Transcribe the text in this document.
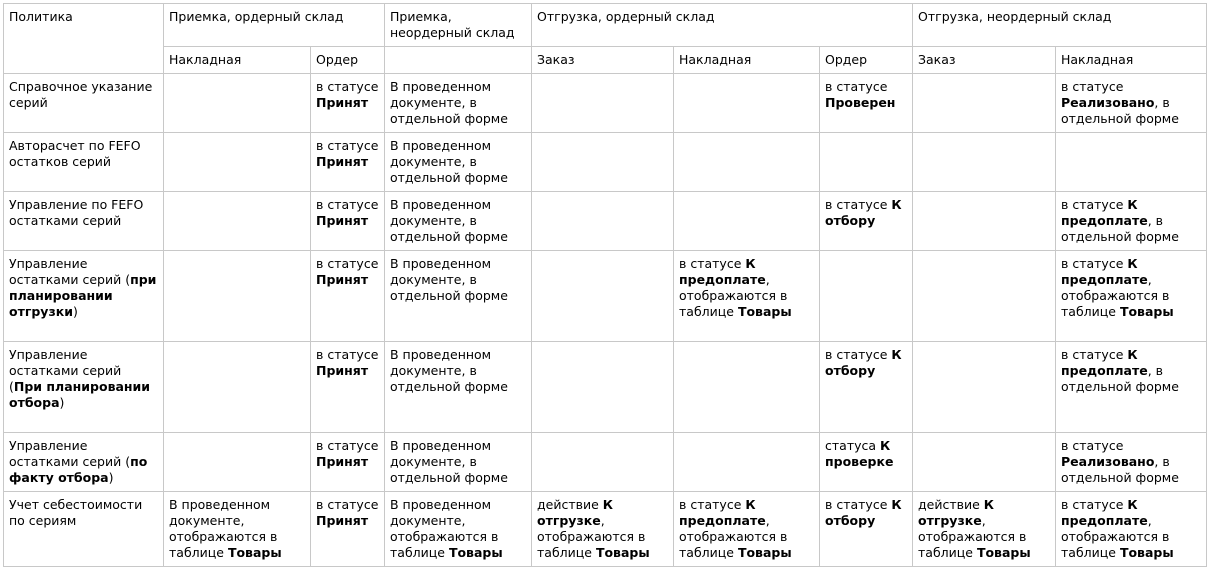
Политика	Приемка, ордерный склад		Приемка, неордерный склад	Отгрузка, ордерный склад			Отгрузка, неордерный склад	
	Накладная	Ордер		Заказ	Накладная	Ордер	Заказ	Накладная
Справочное указание серий		в статусе Принят	В проведенном документе, в отдельной форме			в статусе Проверен		в статусе Реализовано, в отдельной форме
Авторасчет по FEFO остатков серий		в статусе Принят	В проведенном документе, в отдельной форме					
Управление по FEFO остатками серий		в статусе Принят	В проведенном документе, в отдельной форме			в статусе К отбору		в статусе К предоплате, в отдельной форме
Управление остатками серий (при планировании отгрузки)		в статусе Принят	В проведенном документе, в отдельной форме		в статусе К предоплате, отображаются в таблице Товары			в статусе К предоплате, отображаются в таблице Товары
Управление остатками серий (При планировании отбора)		в статусе Принят	В проведенном документе, в отдельной форме			в статусе К отбору		в статусе К предоплате, в отдельной форме
Управление остатками серий (по факту отбора)		в статусе Принят	В проведенном документе, в отдельной форме			статуса К проверке		в статусе Реализовано, в отдельной форме
Учет себестоимости по сериям	В проведенном документе, отображаются в таблице Товары	в статусе Принят	В проведенном документе, отображаются в таблице Товары	действие К отгрузке, отображаются в таблице Товары	в статусе К предоплате, отображаются в таблице Товары	в статусе К отбору	действие К отгрузке, отображаются в таблице Товары	в статусе К предоплате, отображаются в таблице Товары
